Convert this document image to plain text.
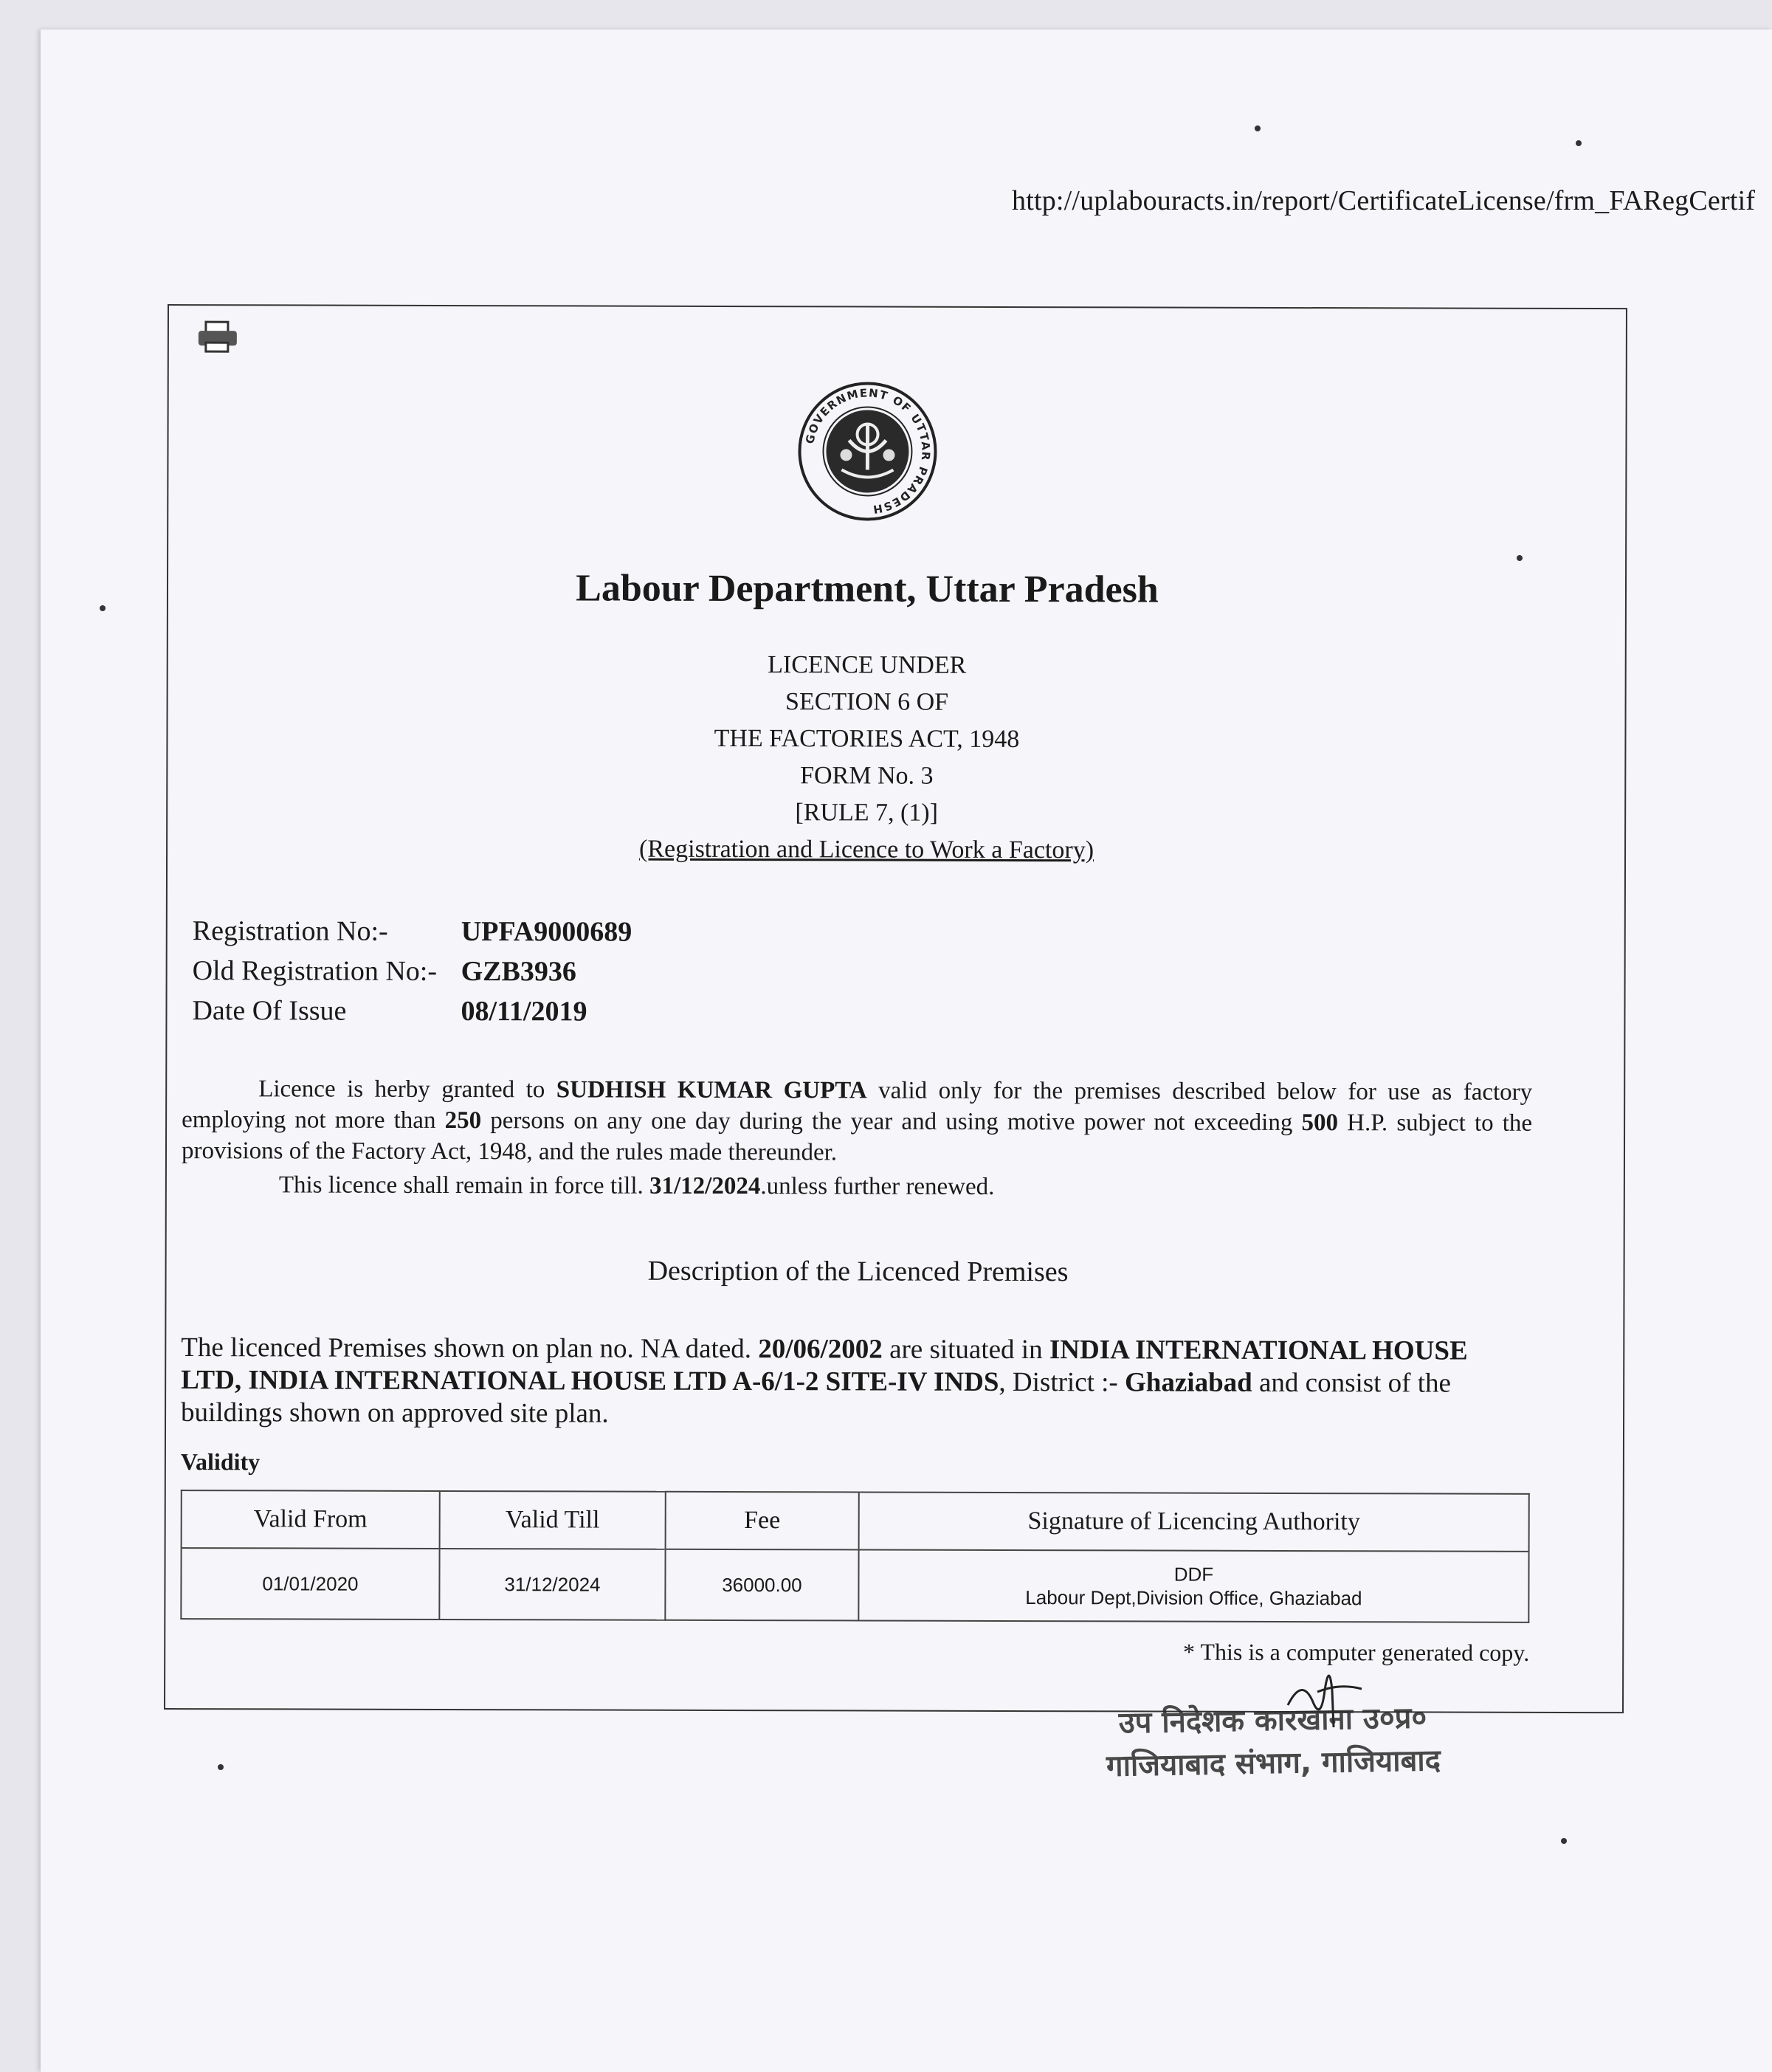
http://uplabouracts.in/report/CertificateLicense/frm_FARegCertif
GOVERNMENT OF UTTAR PRADESH
Labour Department, Uttar Pradesh
LICENCE UNDER
SECTION 6 OF
THE FACTORIES ACT, 1948
FORM No. 3
[RULE 7, (1)]
(Registration and Licence to Work a Factory)
Registration No:-	UPFA9000689
Old Registration No:- GZB3936
Date Of Issue	08/11/2019

Licence is herby granted to SUDHISH KUMAR GUPTA valid only for the premises described below for use as factory employing not more than 250 persons on any one day during the year and using motive power not exceeding 500 H.P. subject to the provisions of the Factory Act, 1948, and the rules made thereunder.

This licence shall remain in force till. 31/12/2024.unless further renewed.

Description of the Licenced Premises
The licenced Premises shown on plan no. NA dated. 20/06/2002 are situated in INDIA INTERNATIONAL HOUSE LTD, INDIA INTERNATIONAL HOUSE LTD A-6/1-2 SITE-IV INDS, District :- Ghaziabad and consist of the buildings shown on approved site plan.
Validity
Valid From	Valid Till	Fee	Signature of Licencing Authority
01/01/2020	31/12/2024	36000.00	DDF
Labour Dept,Division Office, Ghaziabad
* This is a computer generated copy.
उप निदेशक कारखाना उ०प्र०
गाजियाबाद संभाग, गाजियाबाद
